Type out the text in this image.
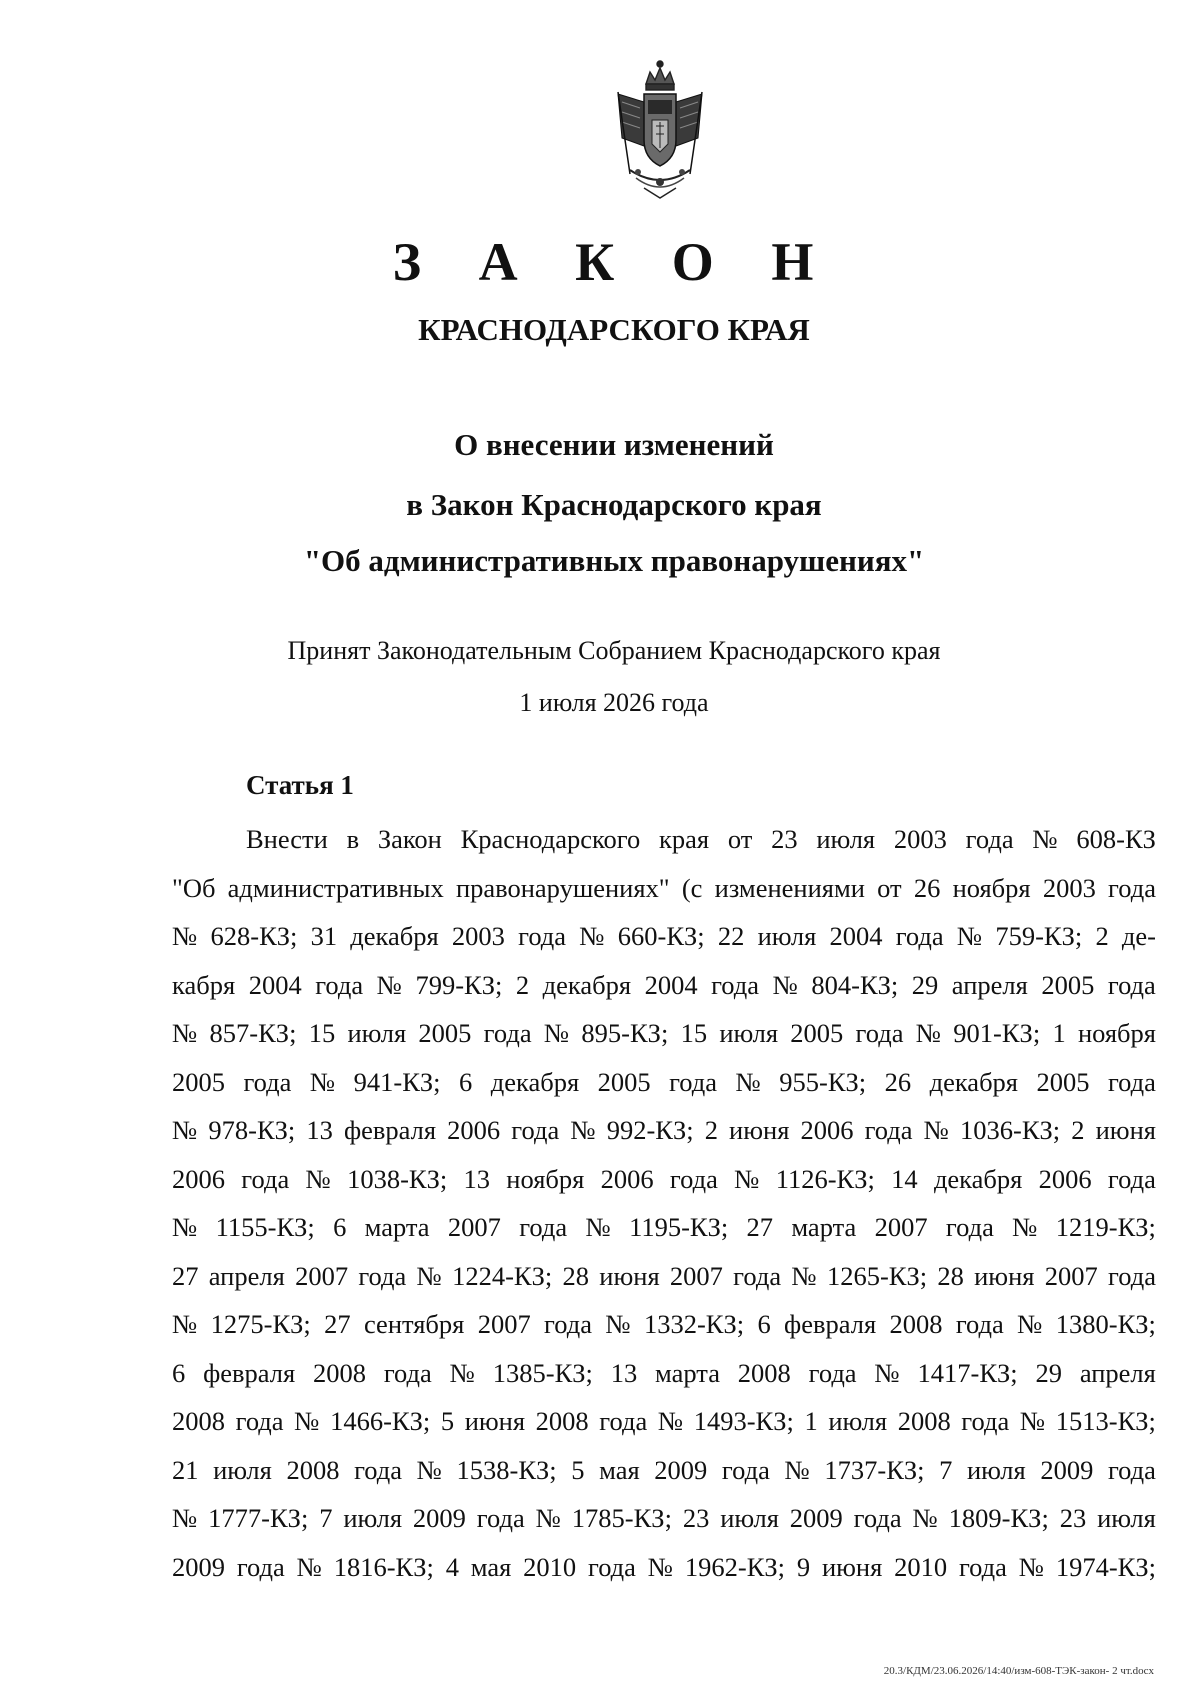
З А К О Н
КРАСНОДАРСКОГО КРАЯ
О внесении изменений
в Закон Краснодарского края
"Об административных правонарушениях"
Принят Законодательным Собранием Краснодарского края
1 июля 2026 года
Статья 1
Внести в Закон Краснодарского края от 23 июля 2003 года № 608-КЗ
"Об административных правонарушениях" (с изменениями от 26 ноября 2003 года
№ 628-КЗ; 31 декабря 2003 года № 660-КЗ; 22 июля 2004 года № 759-КЗ; 2 де-
кабря 2004 года № 799-КЗ; 2 декабря 2004 года № 804-КЗ; 29 апреля 2005 года
№ 857-КЗ; 15 июля 2005 года № 895-КЗ; 15 июля 2005 года № 901-КЗ; 1 ноября
2005 года № 941-КЗ; 6 декабря 2005 года № 955-КЗ; 26 декабря 2005 года
№ 978-КЗ; 13 февраля 2006 года № 992-КЗ; 2 июня 2006 года № 1036-КЗ; 2 июня
2006 года № 1038-КЗ; 13 ноября 2006 года № 1126-КЗ; 14 декабря 2006 года
№ 1155-КЗ; 6 марта 2007 года № 1195-КЗ; 27 марта 2007 года № 1219-КЗ;
27 апреля 2007 года № 1224-КЗ; 28 июня 2007 года № 1265-КЗ; 28 июня 2007 года
№ 1275-КЗ; 27 сентября 2007 года № 1332-КЗ; 6 февраля 2008 года № 1380-КЗ;
6 февраля 2008 года № 1385-КЗ; 13 марта 2008 года № 1417-КЗ; 29 апреля
2008 года № 1466-КЗ; 5 июня 2008 года № 1493-КЗ; 1 июля 2008 года № 1513-КЗ;
21 июля 2008 года № 1538-КЗ; 5 мая 2009 года № 1737-КЗ; 7 июля 2009 года
№ 1777-КЗ; 7 июля 2009 года № 1785-КЗ; 23 июля 2009 года № 1809-КЗ; 23 июля
2009 года № 1816-КЗ; 4 мая 2010 года № 1962-КЗ; 9 июня 2010 года № 1974-КЗ;
20.3/КДМ/23.06.2026/14:40/изм-608-ТЭК-закон- 2 чт.docx
